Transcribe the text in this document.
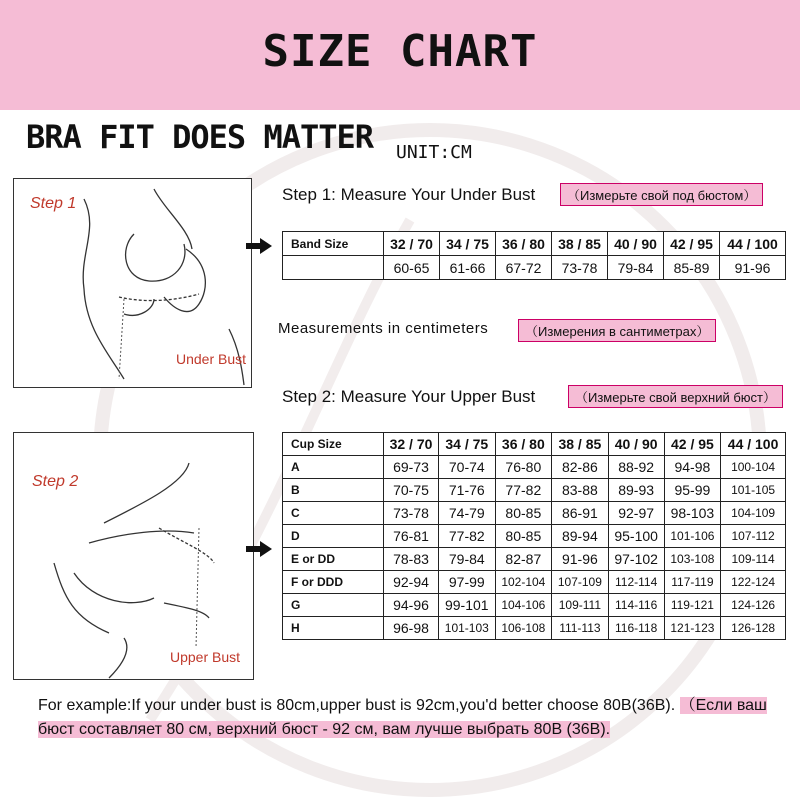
SIZE CHART
BRA FIT DOES MATTER UNIT:CM
Step 1
Under Bust
Step 1: Measure Your Under Bust	（Измерьте свой под бюстом）
Band Size	32 / 70	34 / 75	36 / 80	38 / 85	40 / 90	42 / 95	44 / 100
	60-65	61-66	67-72	73-78	79-84	85-89	91-96
Measurements in centimeters	（Измерения в сантиметрах）
Step 2: Measure Your Upper Bust	（Измерьте свой верхний бюст）
Step 2
Upper Bust
Cup Size	32 / 70	34 / 75	36 / 80	38 / 85	40 / 90	42 / 95	44 / 100
A	69-73	70-74	76-80	82-86	88-92	94-98	100-104
B	70-75	71-76	77-82	83-88	89-93	95-99	101-105
C	73-78	74-79	80-85	86-91	92-97	98-103	104-109
D	76-81	77-82	80-85	89-94	95-100	101-106	107-112
E or DD	78-83	79-84	82-87	91-96	97-102	103-108	109-114
F or DDD	92-94	97-99	102-104	107-109	112-114	117-119	122-124
G	94-96	99-101	104-106	109-111	114-116	119-121	124-126
H	96-98	101-103	106-108	111-113	116-118	121-123	126-128
For example:If your under bust is 80cm,upper bust is 92cm,you'd better choose 80B(36B). （Если ваш бюст составляет 80 см, верхний бюст - 92 см, вам лучше выбрать 80B (36B).
